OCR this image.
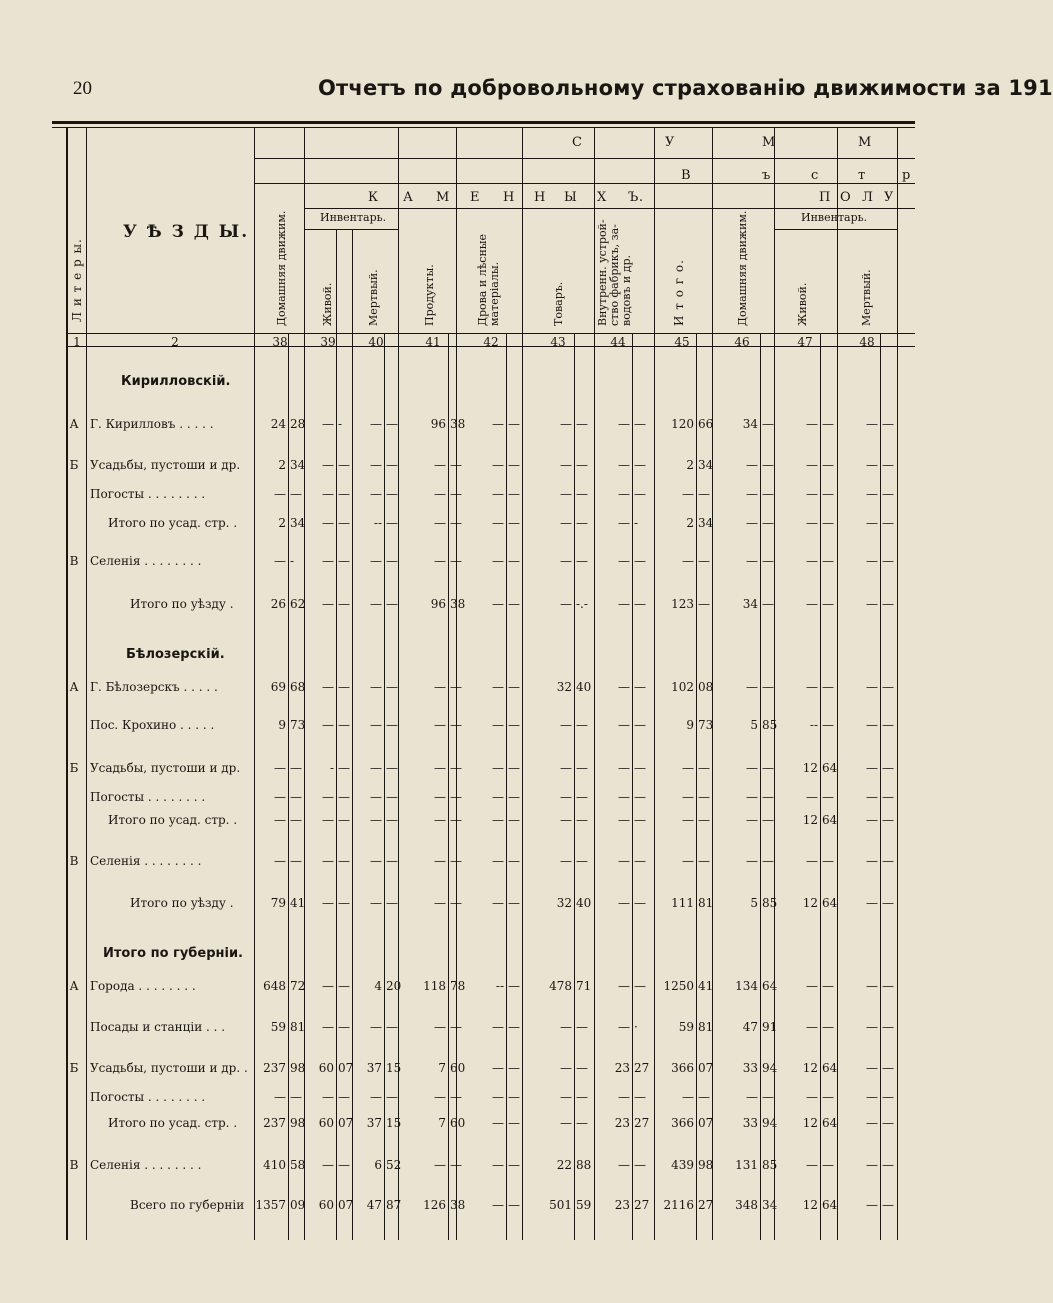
20	Отчетъ по добровольному страхованію движимости за 191
С	У	М	М
В	ъ	с	т	р
К А М Е Н Н Ы Х Ъ.	П О Л У
У Ѣ З Д Ы.
Инвентарь.	Инвентарь.
Л и т е р ы.	Домашняя движим.	Живой.	Мертвый.	Продукты.	Дрова и лѣсные матеріалы.	Товаръ.	Внутренн. устрой- ство фабрикъ, за- водовъ и др.	И т о г о.	Домашняя движим.	Живой.	Мертвый.
1	2	38	39	40	41	42	43	44	45	46	47	48
Кирилловскій.
Бѣлозерскій.
Итого по губерніи.
А Г. Кирилловъ . . . . .	24 28	— -	— —	96 38	— —	— —	— —	120 66	34 —	— —	— —
Б Усадьбы, пустоши и др.	2 34	— —	— —	— —	— —	— —	— —	2 34	— —	— —	— —
Погосты . . . . . . . .	— —	— —	— —	— —	— —	— —	— —	— —	— —	— —	— —
Итого по усад. стр. .	2 34	— —	-- —	— —	— —	— —	— -	2 34	— —	— —	— —
В Селенія . . . . . . . .	— -	— —	— —	— —	— —	— —	— —	— —	— —	— —	— —
Итого по уѣзду .	26 62	— —	— —	96 38	— —	— -.-	— —	123 —	34 —	— —	— —
А Г. Бѣлозерскъ . . . . .	69 68	— —	— —	— —	— —	32 40	— —	102 08	— —	— —	— —
Пос. Крохино . . . . .	9 73	— —	— —	— —	— —	— —	— —	9 73	5 85	-- —	— —
Б Усадьбы, пустоши и др.	— —	- —	— —	— —	— —	— —	— —	— —	— —	12 64	— —
Погосты . . . . . . . .	— —	— —	— —	— —	— —	— —	— —	— —	— —	— —	— —
Итого по усад. стр. .	— —	— —	— —	— —	— —	— —	— —	— —	— —	12 64	— —
В Селенія . . . . . . . .	— —	— —	— —	— —	— —	— —	— —	— —	— —	— —	— —
Итого по уѣзду .	79 41	— —	— —	— —	— —	32 40	— —	111 81	5 85	12 64	— —
А Города . . . . . . . .	648 72	— —	4 20	118 78	-- —	478 71	— —	1250 41	134 64	— —	— —
Посады и станціи . . .	59 81	— —	— —	— —	— —	— —	— ·	59 81	47 91	— —	— —
Б Усадьбы, пустоши и др. .	237 98	60 07	37 15	7 60	— —	— —	23 27	366 07	33 94	12 64	— —
Погосты . . . . . . . .	— —	— —	— —	— —	— —	— —	— —	— —	— —	— —	— —
Итого по усад. стр. .	237 98	60 07	37 15	7 60	— —	— —	23 27	366 07	33 94	12 64	— —
В Селенія . . . . . . . .	410 58	— —	6 52	— —	— —	22 88	— —	439 98	131 85	— —	— —
Всего по губерніи 1357 09	60 07	47 87	126 38	— —	501 59	23 27	2116 27	348 34	12 64	— —
